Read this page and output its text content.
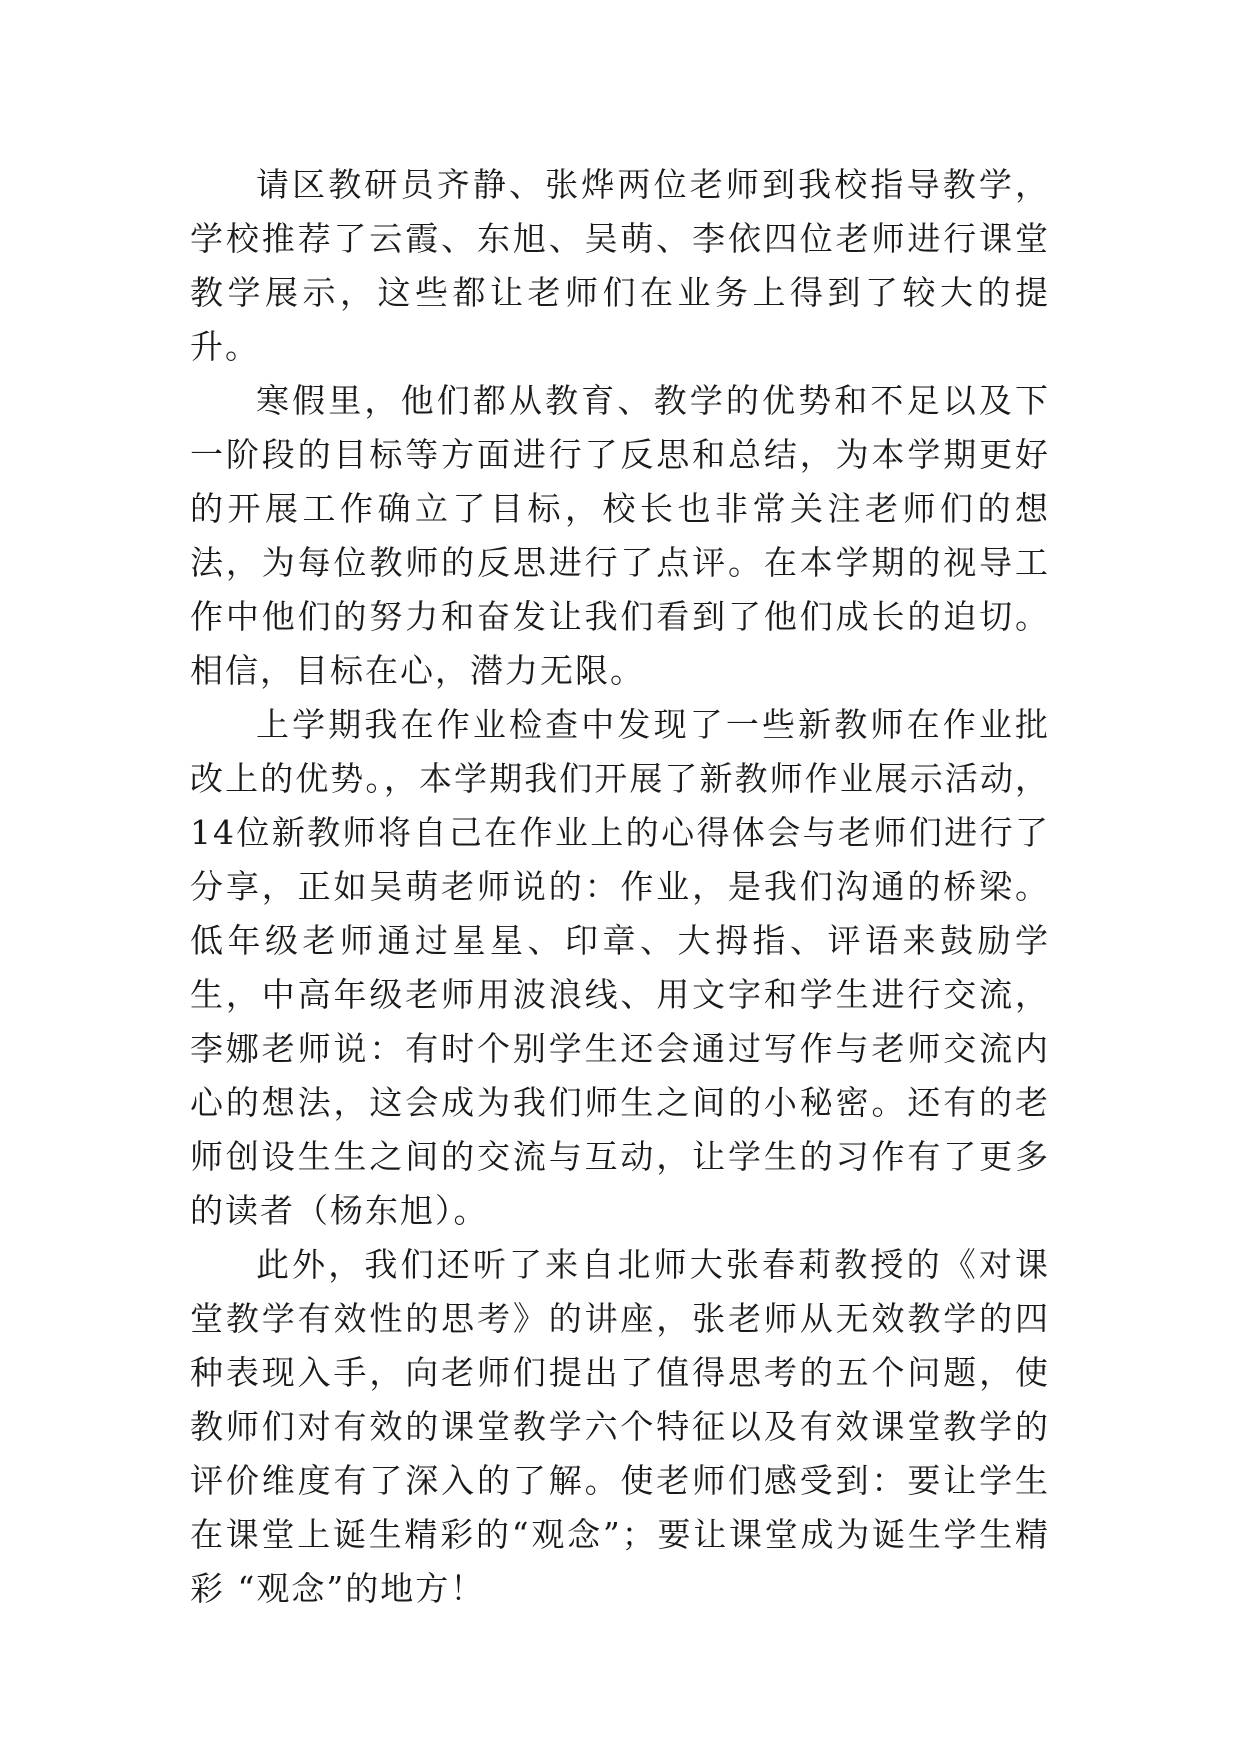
请区教研员齐静、张烨两位老师到我校指导教学，学校推荐了云霞、东旭、吴萌、李依四位老师进行课堂教学展示，这些都让老师们在业务上得到了较大的提升。

寒假里，他们都从教育、教学的优势和不足以及下一阶段的目标等方面进行了反思和总结，为本学期更好的开展工作确立了目标，校长也非常关注老师们的想法，为每位教师的反思进行了点评。在本学期的视导工作中他们的努力和奋发让我们看到了他们成长的迫切。相信，目标在心，潜力无限。

上学期我在作业检查中发现了一些新教师在作业批改上的优势。，本学期我们开展了新教师作业展示活动，14位新教师将自己在作业上的心得体会与老师们进行了分享，正如吴萌老师说的：作业，是我们沟通的桥梁。低年级老师通过星星、印章、大拇指、评语来鼓励学生，中高年级老师用波浪线、用文字和学生进行交流，李娜老师说：有时个别学生还会通过写作与老师交流内心的想法，这会成为我们师生之间的小秘密。还有的老师创设生生之间的交流与互动，让学生的习作有了更多的读者（杨东旭）。

此外，我们还听了来自北师大张春莉教授的《对课堂教学有效性的思考》的讲座，张老师从无效教学的四种表现入手，向老师们提出了值得思考的五个问题，使教师们对有效的课堂教学六个特征以及有效课堂教学的评价维度有了深入的了解。使老师们感受到：要让学生在课堂上诞生精彩的“观念”；要让课堂成为诞生学生精彩 “观念”的地方！
